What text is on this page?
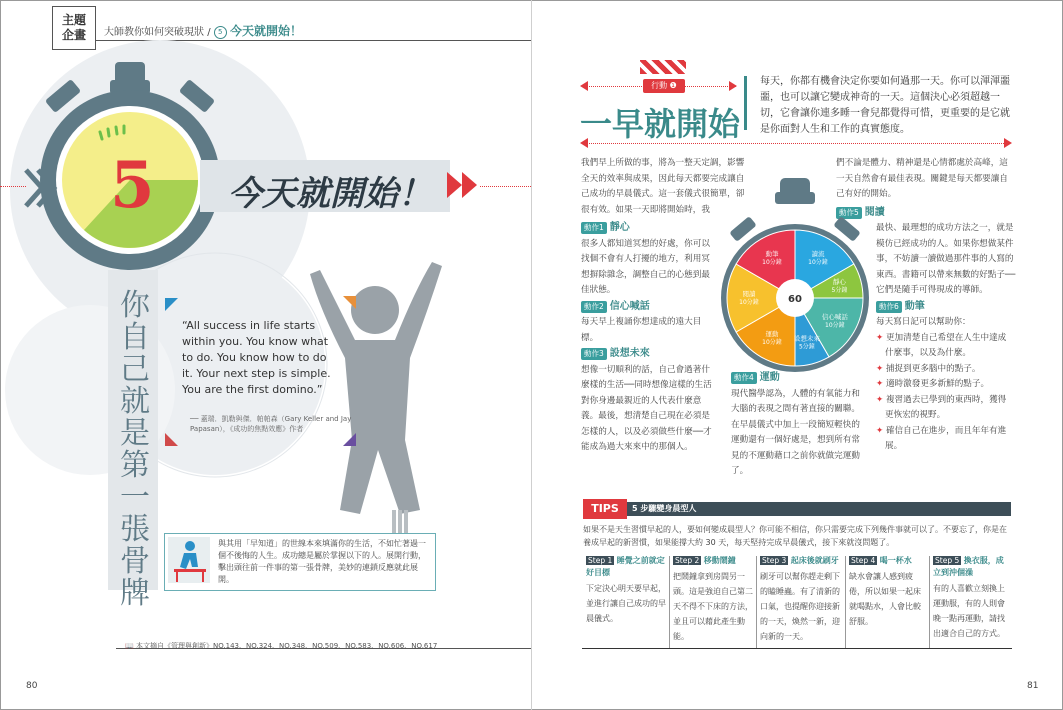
主題
企畫	大師教你如何突破現狀 / 5 今天就開始！
5 今天就開始！
你
自
己
就
是
第
一
張
骨
牌
“All success in life starts within you. You know what to do. You know how to do it. Your next step is simple. You are the first domino.”
── 蓋瑞．凱勒與傑．帕帕森（Gary Keller and Jay Papasan），《成功的焦點效應》作者
與其用「早知道」的世線本來填滿你的生活，不如忙著過一個不後悔的人生。成功總是屬於掌握以下的人。展開行動，擊出頭往前一件事的第一張骨牌，美妙的連鎖反應就此展開。
📖 本文摘自《管理與創新》NO.143、NO.324、NO.348、NO.509、NO.583、NO.606、NO.617
80
行動 ❶
一早就開始
每天，你都有機會決定你要如何過那一天。你可以渾渾噩噩，也可以讓它變成神奇的一天。這個決心必須超越一切，它會讓你連多睡一會兒都覺得可惜，更重要的是它就是你面對人生和工作的真實態度。
我們早上所做的事，將為一整天定調，影響全天的效率與成果，因此每天都要完成讓自己成功的早晨儀式。這一套儀式很簡單，卻很有效。如果一天即將開始時，我
動作1 靜心
很多人都知道冥想的好處，你可以找個不會有人打擾的地方，利用冥想摒除雜念，調整自己的心態到最佳狀態。
動作2 信心喊話
每天早上複誦你想達成的遠大目標。
動作3 設想未來
想像一切順利的話，自己會過著什麼樣的生活──同時想像這樣的生活對你身邊最親近的人代表什麼意義。最後，想清楚自己現在必須是怎樣的人，以及必須做些什麼──才能成為過大來來中的那個人。
動作4 運動
現代醫學認為，人體的有氧能力和大腦的表現之間有著直接的關聯。在早晨儀式中加上一段簡短輕快的運動還有一個好處是，想到所有常見的不運動藉口之前你就做完運動了。
們不論是體力、精神還是心情都處於高峰，這一天自然會有最佳表現。關鍵是每天都要讓自己有好的開始。
動作5 閱讀
最快、最理想的成功方法之一，就是模仿已經成功的人。如果你想做某件事，不妨讀一讀做過那件事的人寫的東西。書籍可以帶來無數的好點子──它們是隨手可得現成的導師。
動作6 動筆
每天寫日記可以幫助你：
✦ 更加清楚自己希望在人生中達成什麼事，以及為什麼。
✦ 捕捉到更多腦中的點子。
✦ 適時激發更多新鮮的點子。
✦ 複習過去已學到的東西時，獲得更恢宏的視野。
✦ 確信自己在進步，而且年年有進展。
讀流
10分鐘
靜心
5分鐘
信心喊話
10分鐘
設想未來
5分鐘
運動
10分鐘
閱讀
10分鐘
動筆
10分鐘
60
TIPS	5 步驟變身晨型人
如果不是天生習慣早起的人，要如何變成晨型人？你可能不相信，你只需要完成下列幾件事就可以了。不要忘了，你是在養成早起的新習慣，如果能撐大約 30 天，每天堅持完成早晨儀式，接下來就沒問題了。
Step 1 睡覺之前就定好目標
下定決心明天要早起，並進行讓自己成功的早晨儀式。
Step 2 移動鬧鐘
把鬧鐘拿到房間另一頭。這是強迫自己第二天不得不下床的方法，並且可以藉此產生動能。
Step 3 起床後就刷牙
刷牙可以幫你趕走剩下的瞌睡蟲。有了清新的口氣，也提醒你迎接新的一天，煥然一新，迎向新的一天。
Step 4 喝一杯水
缺水會讓人感到疲倦，所以如果一起床就喝點水，人會比較舒服。
Step 5 換衣服，成立到沖個澡
有的人喜歡立刻換上運動服，有的人則會晚一點再運動，請找出適合自己的方式。
81
